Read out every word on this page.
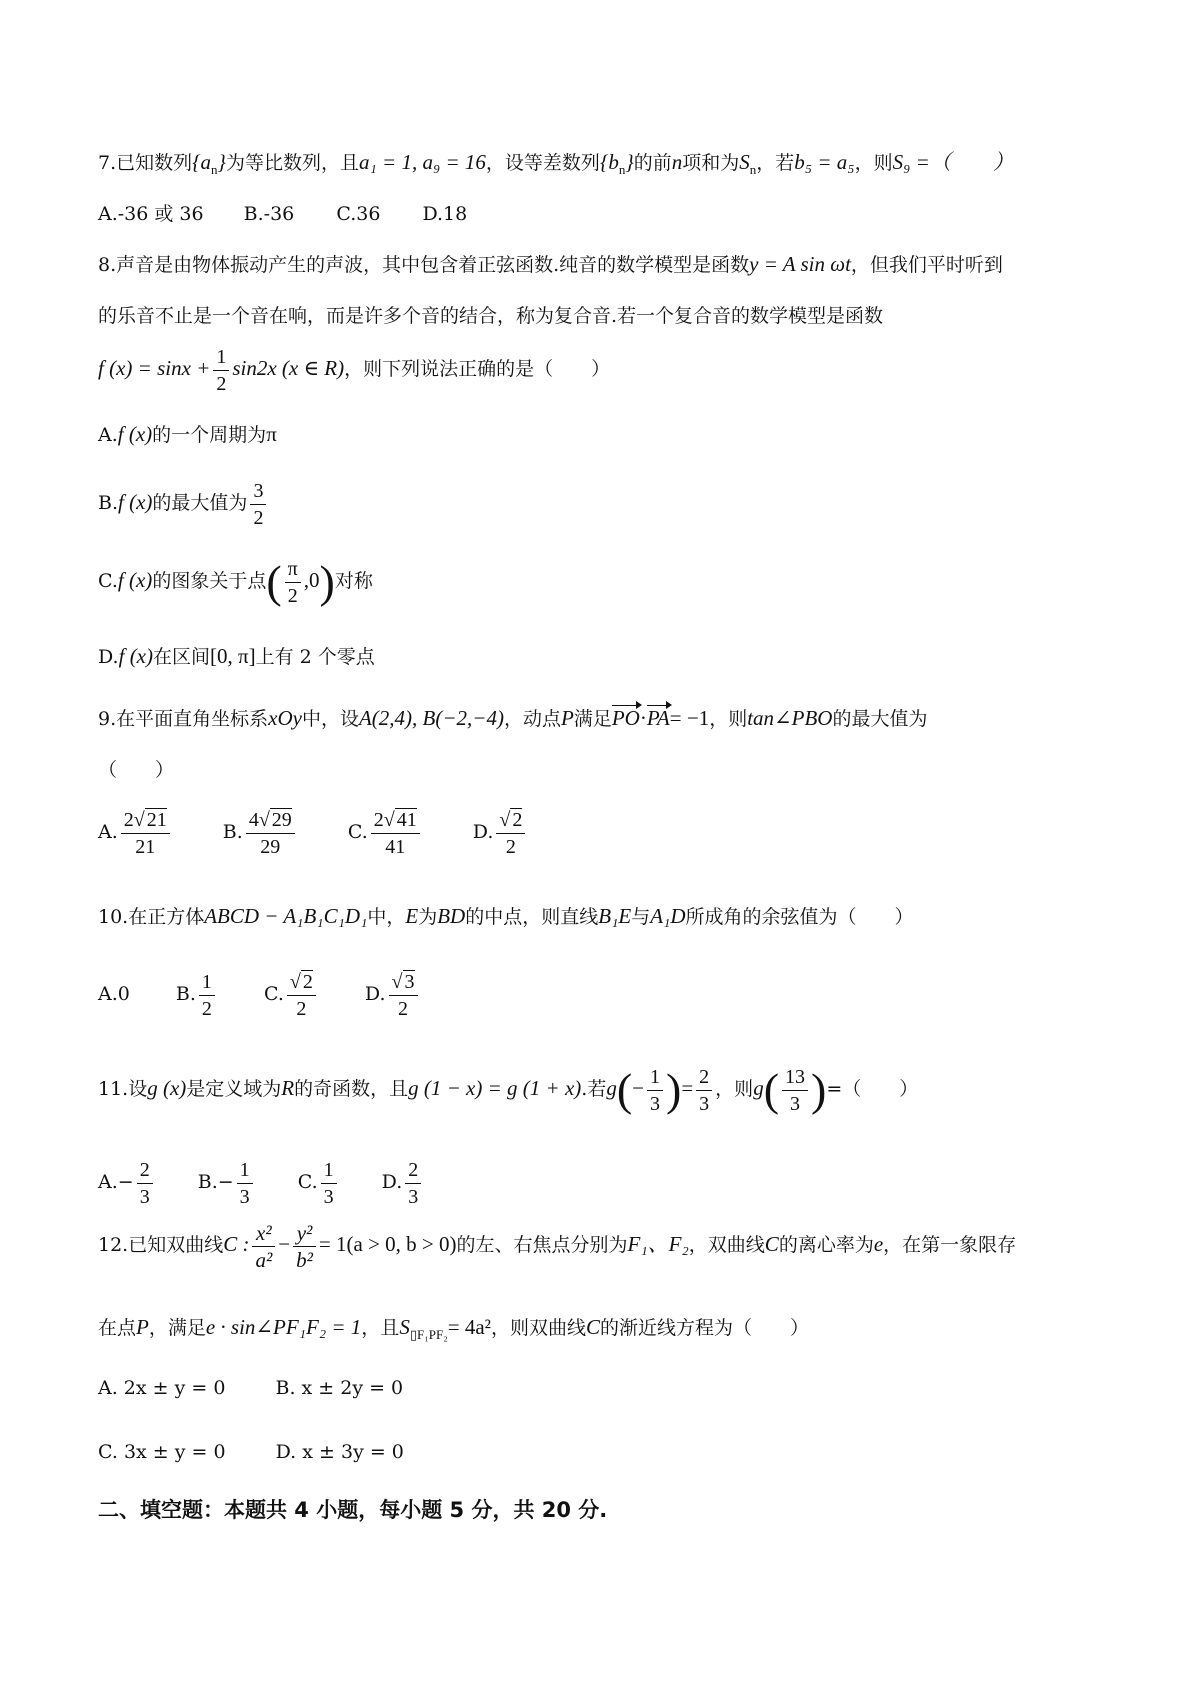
7.已知数列$\{a_n\}$为等比数列，且a₁ = 1, a₉ = 16，设等差数列$\{b_n\}$的前n项和为$S_n$，若b₅ = a₅，则S₉ =（　　）
A.-36 或 36 B.-36 C.36 D.18
8.声音是由物体振动产生的声波，其中包含着正弦函数.纯音的数学模型是函数y = A sin ωt，但我们平时听到
的乐音不止是一个音在响，而是许多个音的结合，称为复合音.若一个复合音的数学模型是函数
f $(x) = \sin x + \frac{1}{2} \sin 2x$ (x ∈ R)，则下列说法正确的是（　　）
A.f (x)的一个周期为π
B.f (x)的最大值为 $\frac{3}{2}$
C.f (x)的图象关于点( $\frac{\pi}{2} ,0$)对称
D.f (x)在区间[0, π]上有 2 个零点
9.在平面直角坐标系xOy中，设A(2,4), B(−2,−4)，动点P满足PO·PA= −1，则tan∠PBO的最大值为
（　　）
A. $\frac{2√ 21}{21}$	B. $\frac{4√ 29}{29}$	C. $\frac{2√ 41}{41}$	D. $\frac{√ 2}{2}$
10.在正方体ABCD − A₁B₁C₁D₁中，E为BD的中点，则直线B₁E与A₁D所成角的余弦值为（　　）
A.0 B. $\frac{1}{2}$	C. $\frac{√ 2}{2}$	D. $\frac{√ 3}{2}$
11.设g (x)是定义域为R的奇函数，且g (1 − x) = g (1 + x).若$g(- \frac{1}{3}$ )= $\frac{2}{3}$ ，则$g( \frac{13}{3}$ )=（　　）
$A.- \frac{2}{3} B.- \frac{1}{3} C$. $\frac{1}{3} D$. $\frac{2}{3}$
12.已知双曲线C : $\frac{\text{x²}}{\text{a²}} - \frac{\text{y²}}{\text{b²}} = 1(a > 0$, b > 0)的左、右焦点分别为F₁、F₂，双曲线C的离心率为e，在第一象限存
在点P，满足e · sin∠PF₁F₂ = 1，且$S_{▯F_1PF_2}= 4a^2$，则双曲线C的渐近线方程为（　　）
A. 2x ± y = 0	B. x ± 2y = 0
C. 3x ± y = 0	D. x ± 3y = 0
二、填空题：本题共 4 小题，每小题 5 分，共 20 分.
